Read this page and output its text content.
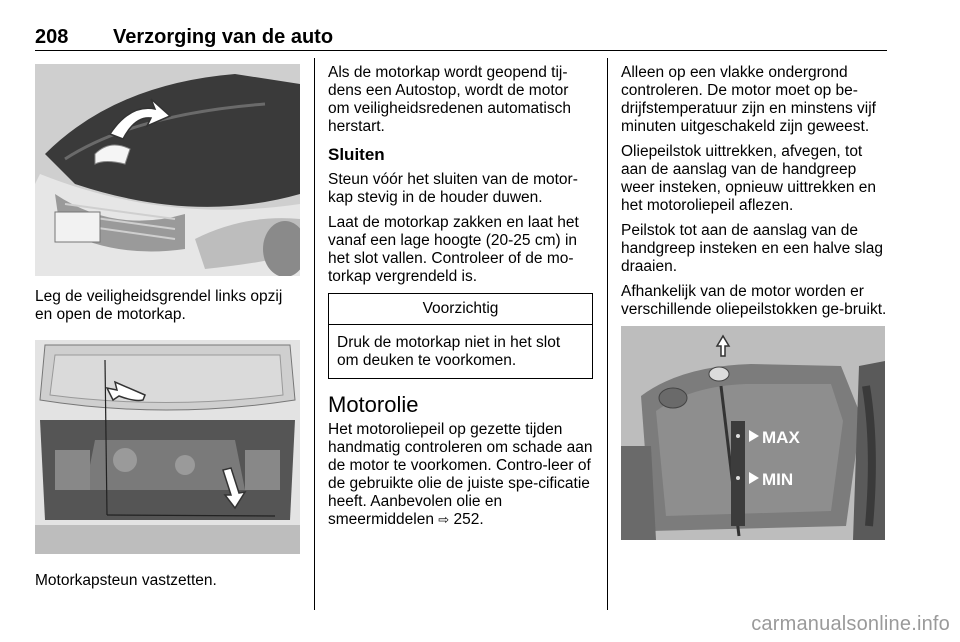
208 Verzorging van de auto

Leg de veiligheidsgrendel links opzij en open de motorkap.

Motorkapsteun vastzetten.

Als de motorkap wordt geopend tij-dens een Autostop, wordt de motor om veiligheidsredenen automatisch herstart.

Sluiten

Steun vóór het sluiten van de motor-kap stevig in de houder duwen.

Laat de motorkap zakken en laat het vanaf een lage hoogte (20-25 cm) in het slot vallen. Controleer of de mo-torkap vergrendeld is.

Voorzichtig
Druk de motorkap niet in het slot om deuken te voorkomen.
Motorolie

Het motoroliepeil op gezette tijden handmatig controleren om schade aan de motor te voorkomen. Contro-leer of de gebruikte olie de juiste spe-cificatie heeft. Aanbevolen olie en smeermiddelen ⇨ 252.

Alleen op een vlakke ondergrond controleren. De motor moet op be-drijfstemperatuur zijn en minstens vijf minuten uitgeschakeld zijn geweest.

Oliepeilstok uittrekken, afvegen, tot aan de aanslag van de handgreep weer insteken, opnieuw uittrekken en het motoroliepeil aflezen.

Peilstok tot aan de aanslag van de handgreep insteken en een halve slag draaien.

Afhankelijk van de motor worden er verschillende oliepeilstokken ge-bruikt.

MAX
MIN
carmanualsonline.info
